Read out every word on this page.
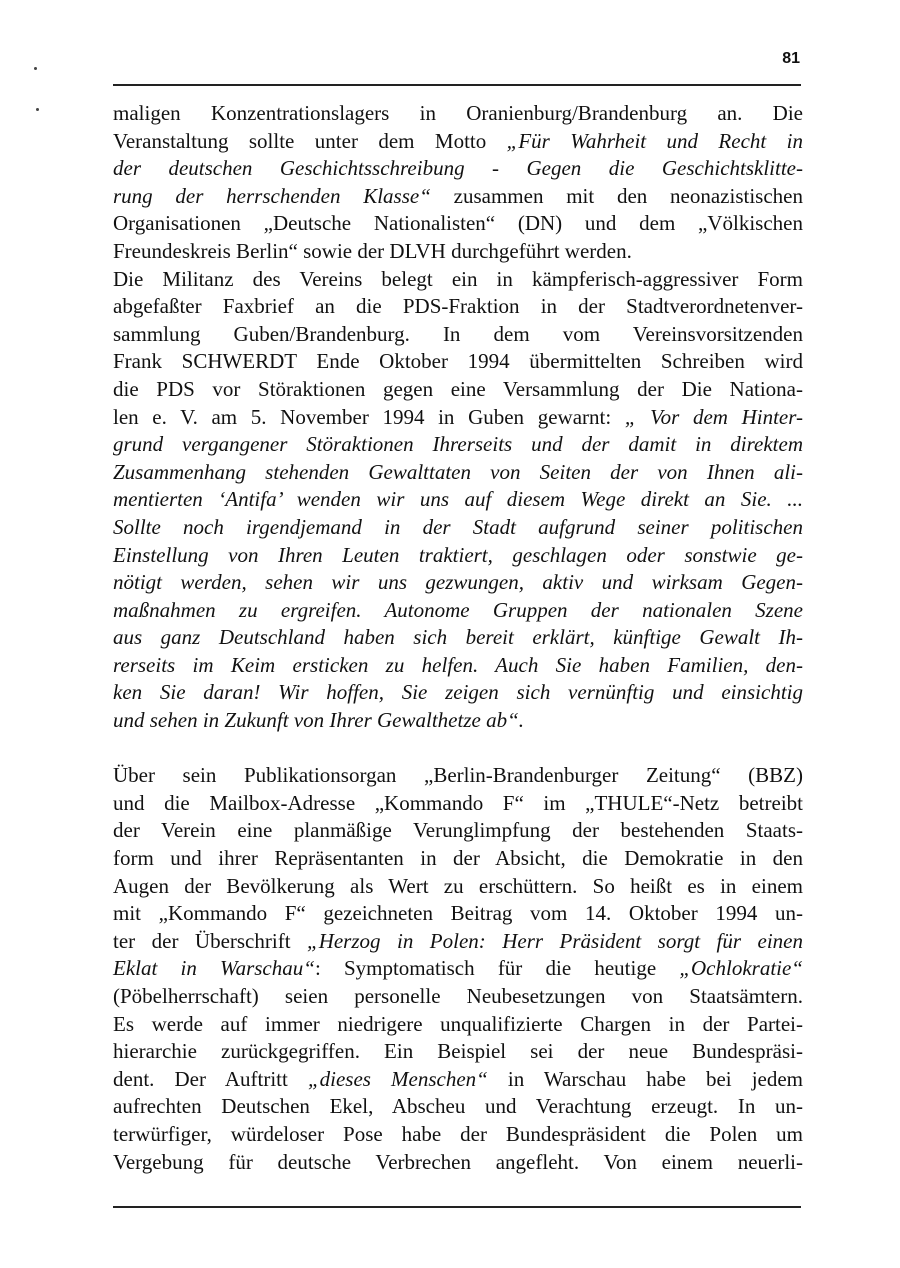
81
maligen Konzentrationslagers in Oranienburg/Brandenburg an. Die
Veranstaltung sollte unter dem Motto „Für Wahrheit und Recht in
der deutschen Geschichtsschreibung - Gegen die Geschichtsklitte-
rung der herrschenden Klasse“ zusammen mit den neonazistischen
Organisationen „Deutsche Nationalisten“ (DN) und dem „Völkischen
Freundeskreis Berlin“ sowie der DLVH durchgeführt werden.
Die Militanz des Vereins belegt ein in kämpferisch-aggressiver Form
abgefaßter Faxbrief an die PDS-Fraktion in der Stadtverordnetenver-
sammlung Guben/Brandenburg. In dem vom Vereinsvorsitzenden
Frank SCHWERDT Ende Oktober 1994 übermittelten Schreiben wird
die PDS vor Störaktionen gegen eine Versammlung der Die Nationa-
len e. V. am 5. November 1994 in Guben gewarnt: „ Vor dem Hinter-
grund vergangener Störaktionen Ihrerseits und der damit in direktem
Zusammenhang stehenden Gewalttaten von Seiten der von Ihnen ali-
mentierten ‘Antifa’ wenden wir uns auf diesem Wege direkt an Sie. ...
Sollte noch irgendjemand in der Stadt aufgrund seiner politischen
Einstellung von Ihren Leuten traktiert, geschlagen oder sonstwie ge-
nötigt werden, sehen wir uns gezwungen, aktiv und wirksam Gegen-
maßnahmen zu ergreifen. Autonome Gruppen der nationalen Szene
aus ganz Deutschland haben sich bereit erklärt, künftige Gewalt Ih-
rerseits im Keim ersticken zu helfen. Auch Sie haben Familien, den-
ken Sie daran! Wir hoffen, Sie zeigen sich vernünftig und einsichtig
und sehen in Zukunft von Ihrer Gewalthetze ab“.
Über sein Publikationsorgan „Berlin-Brandenburger Zeitung“ (BBZ)
und die Mailbox-Adresse „Kommando F“ im „THULE“-Netz betreibt
der Verein eine planmäßige Verunglimpfung der bestehenden Staats-
form und ihrer Repräsentanten in der Absicht, die Demokratie in den
Augen der Bevölkerung als Wert zu erschüttern. So heißt es in einem
mit „Kommando F“ gezeichneten Beitrag vom 14. Oktober 1994 un-
ter der Überschrift „Herzog in Polen: Herr Präsident sorgt für einen
Eklat in Warschau“: Symptomatisch für die heutige „Ochlokratie“
(Pöbelherrschaft) seien personelle Neubesetzungen von Staatsämtern.
Es werde auf immer niedrigere unqualifizierte Chargen in der Partei-
hierarchie zurückgegriffen. Ein Beispiel sei der neue Bundespräsi-
dent. Der Auftritt „dieses Menschen“ in Warschau habe bei jedem
aufrechten Deutschen Ekel, Abscheu und Verachtung erzeugt. In un-
terwürfiger, würdeloser Pose habe der Bundespräsident die Polen um
Vergebung für deutsche Verbrechen angefleht. Von einem neuerli-
